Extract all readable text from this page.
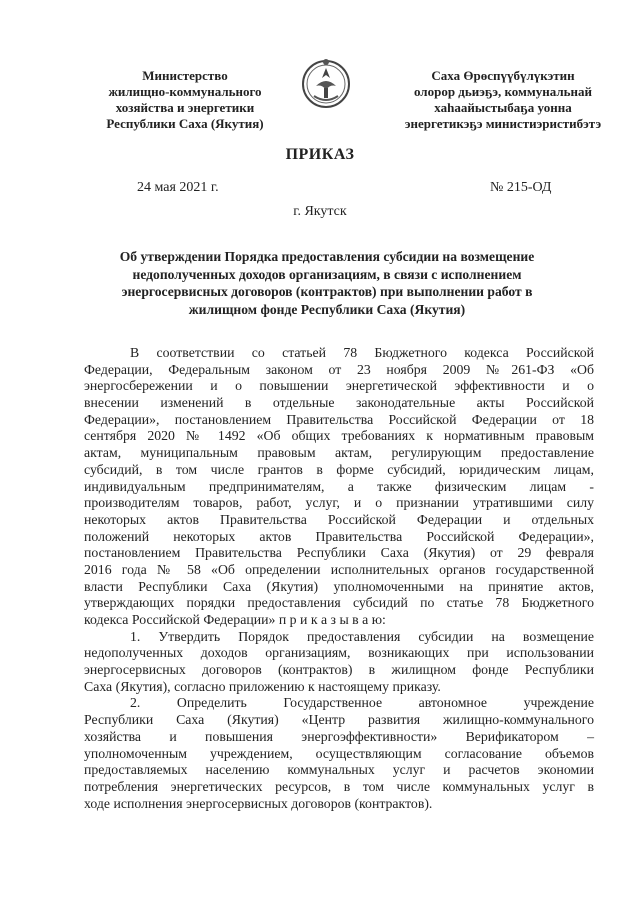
Министерство
жилищно-коммунального
хозяйства и энергетики
Республики Саха (Якутия)
Саха Өрөспүүбүлүкэтин
олорор дьиэҕэ, коммунальнай
хаһаайыстыбаҕа уонна
энергетикэҕэ министиэристибэтэ
ПРИКАЗ
24 мая 2021 г.	№ 215-ОД
г. Якутск
Об утверждении Порядка предоставления субсидии на возмещение
недополученных доходов организациям, в связи с исполнением
энергосервисных договоров (контрактов) при выполнении работ в
жилищном фонде Республики Саха (Якутия)
В соответствии со статьей 78 Бюджетного кодекса Российской
Федерации, Федеральным законом от 23 ноября 2009 №261-ФЗ «Об
энергосбережении и о повышении энергетической эффективности и о
внесении изменений в отдельные законодательные акты Российской
Федерации», постановлением Правительства Российской Федерации от 18
сентября 2020 № 1492 «Об общих требованиях к нормативным правовым
актам, муниципальным правовым актам, регулирующим предоставление
субсидий, в том числе грантов в форме субсидий, юридическим лицам,
индивидуальным предпринимателям, а также физическим лицам -
производителям товаров, работ, услуг, и о признании утратившими силу
некоторых актов Правительства Российской Федерации и отдельных
положений некоторых актов Правительства Российской Федерации»,
постановлением Правительства Республики Саха (Якутия) от 29 февраля
2016 года № 58 «Об определении исполнительных органов государственной
власти Республики Саха (Якутия) уполномоченными на принятие актов,
утверждающих порядки предоставления субсидий по статье 78 Бюджетного
кодекса Российской Федерации» п р и к а з ы в а ю:
1. Утвердить Порядок предоставления субсидии на возмещение
недополученных доходов организациям, возникающих при использовании
энергосервисных договоров (контрактов) в жилищном фонде Республики
Саха (Якутия), согласно приложению к настоящему приказу.
2. Определить Государственное автономное учреждение
Республики Саха (Якутия) «Центр развития жилищно-коммунального
хозяйства и повышения энергоэффективности» Верификатором –
уполномоченным учреждением, осуществляющим согласование объемов
предоставляемых населению коммунальных услуг и расчетов экономии
потребления энергетических ресурсов, в том числе коммунальных услуг в
ходе исполнения энергосервисных договоров (контрактов).
